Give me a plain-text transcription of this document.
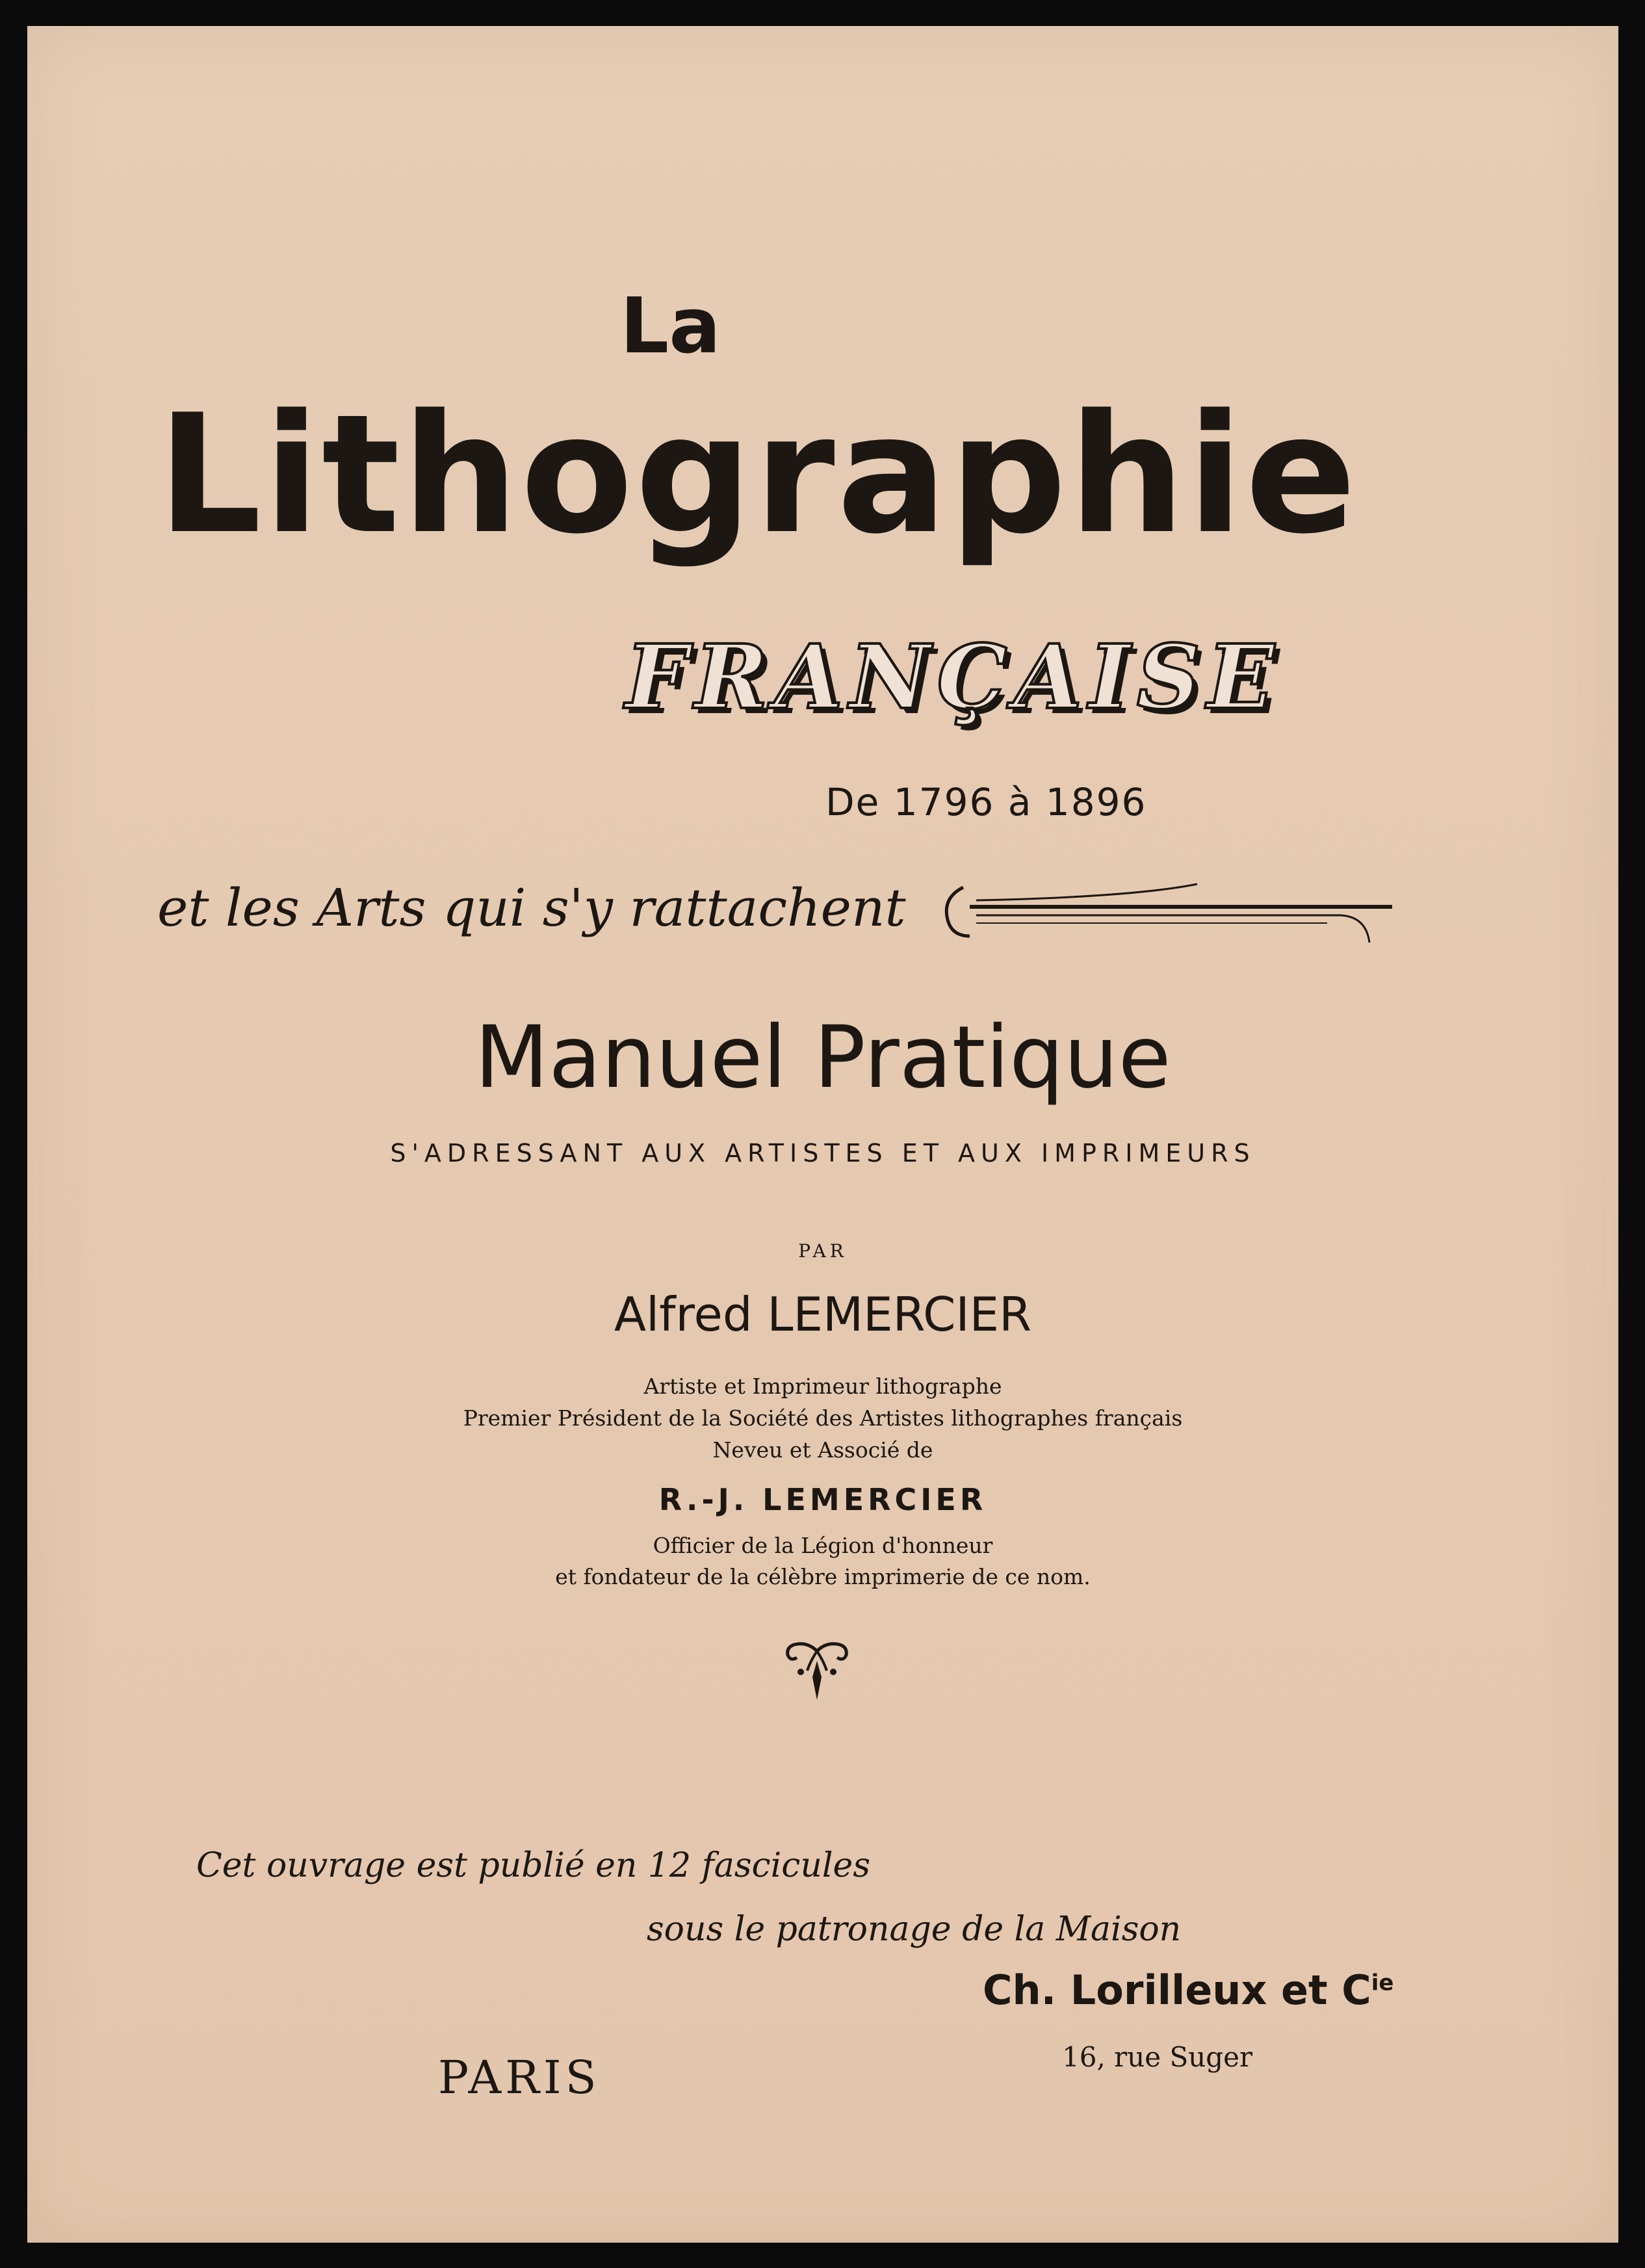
La
Lithographie
FRANÇAISE
De 1796 à 1896
et les Arts qui s'y rattachent
Manuel Pratique
S'ADRESSANT AUX ARTISTES ET AUX IMPRIMEURS
PAR
Alfred LEMERCIER
Artiste et Imprimeur lithographe
Premier Président de la Société des Artistes lithographes français
Neveu et Associé de
R.-J. LEMERCIER
Officier de la Légion d'honneur
et fondateur de la célèbre imprimerie de ce nom.
Cet ouvrage est publié en 12 fascicules
sous le patronage de la Maison
Ch. Lorilleux et $C^{ie}$
16, rue Suger
PARIS
